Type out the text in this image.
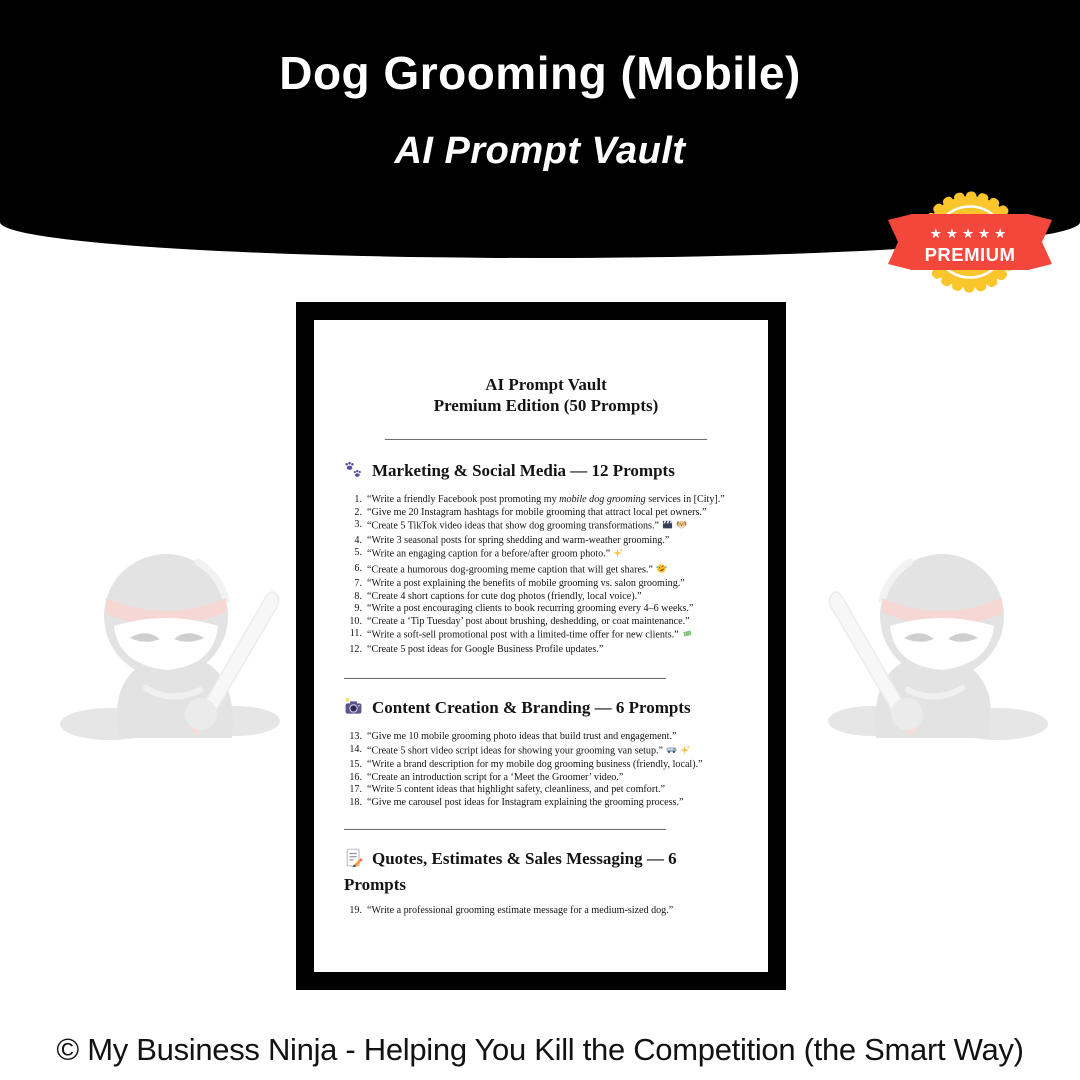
Dog Grooming (Mobile)
AI Prompt Vault
★★★★★
PREMIUM
AI Prompt Vault
Premium Edition (50 Prompts)
______________________________________________
Marketing & Social Media — 12 Prompts
1. “Write a friendly Facebook post promoting my mobile dog grooming services in [City].”
2. “Give me 20 Instagram hashtags for mobile grooming that attract local pet owners.”
3. “Create 5 TikTok video ideas that show dog grooming transformations.”
4. “Write 3 seasonal posts for spring shedding and warm-weather grooming.”
5. “Write an engaging caption for a before/after groom photo.”
6. “Create a humorous dog-grooming meme caption that will get shares.”
7. “Write a post explaining the benefits of mobile grooming vs. salon grooming.”
8. “Create 4 short captions for cute dog photos (friendly, local voice).”
9. “Write a post encouraging clients to book recurring grooming every 4–6 weeks.”
10. “Create a ‘Tip Tuesday’ post about brushing, deshedding, or coat maintenance.”
11. “Write a soft-sell promotional post with a limited-time offer for new clients.”
12. “Create 5 post ideas for Google Business Profile updates.”
______________________________________________
Content Creation & Branding — 6 Prompts
13. “Give me 10 mobile grooming photo ideas that build trust and engagement.”
14. “Create 5 short video script ideas for showing your grooming van setup.”
15. “Write a brand description for my mobile dog grooming business (friendly, local).”
16. “Create an introduction script for a ‘Meet the Groomer’ video.”
17. “Write 5 content ideas that highlight safety, cleanliness, and pet comfort.”
18. “Give me carousel post ideas for Instagram explaining the grooming process.”
______________________________________________
Quotes, Estimates & Sales Messaging — 6 Prompts
19. “Write a professional grooming estimate message for a medium-sized dog.”
© My Business Ninja - Helping You Kill the Competition (the Smart Way)
